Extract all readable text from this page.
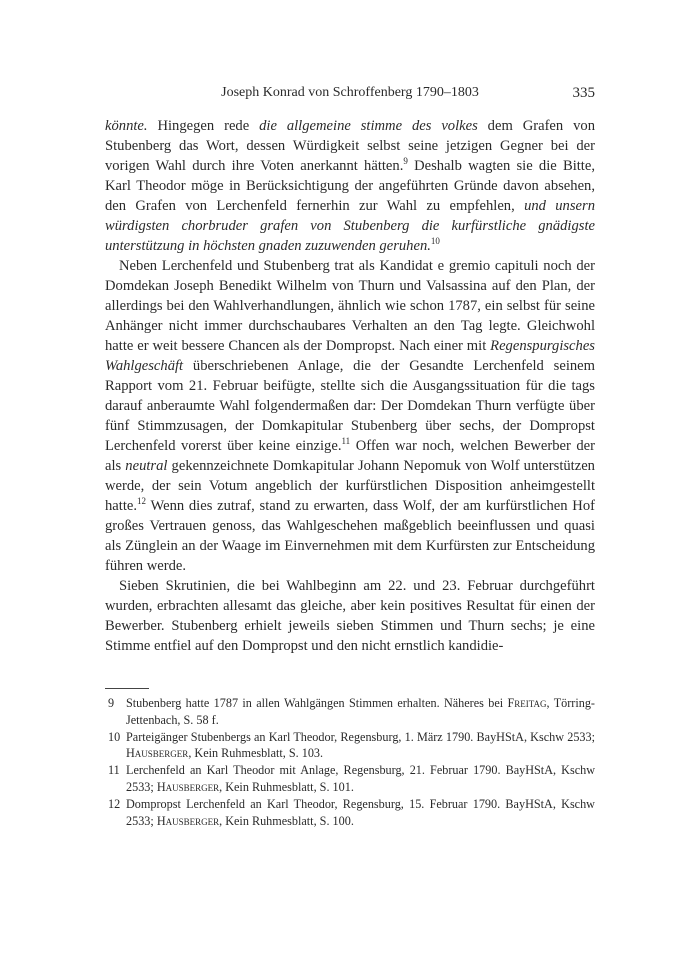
Joseph Konrad von Schroffenberg 1790–1803	335

könnte. Hingegen rede die allgemeine stimme des volkes dem Grafen von Stubenberg das Wort, dessen Würdigkeit selbst seine jetzigen Gegner bei der vorigen Wahl durch ihre Voten anerkannt hätten.$^9$ Deshalb wagten sie die Bitte, Karl Theodor möge in Berücksichtigung der angeführten Gründe davon absehen, den Grafen von Lerchenfeld fernerhin zur Wahl zu empfehlen, und unsern würdigsten chorbruder grafen von Stubenberg die kurfürstliche gnädigste unterstützung in höchsten gnaden zuzuwenden geruhen.$^{10}$

Neben Lerchenfeld und Stubenberg trat als Kandidat e gremio capituli noch der Domdekan Joseph Benedikt Wilhelm von Thurn und Valsassina auf den Plan, der allerdings bei den Wahlverhandlungen, ähnlich wie schon 1787, ein selbst für seine Anhänger nicht immer durchschaubares Verhalten an den Tag legte. Gleichwohl hatte er weit bessere Chancen als der Dompropst. Nach einer mit Regenspurgisches Wahlgeschäft überschriebenen Anlage, die der Gesandte Lerchenfeld seinem Rapport vom 21. Februar beifügte, stellte sich die Ausgangssituation für die tags darauf anberaumte Wahl folgendermaßen dar: Der Domdekan Thurn verfügte über fünf Stimmzusagen, der Domkapitular Stubenberg über sechs, der Dompropst Lerchenfeld vorerst über keine einzige.$^{11}$ Offen war noch, welchen Bewerber der als neutral gekennzeichnete Domkapitular Johann Nepomuk von Wolf unterstützen werde, der sein Votum angeblich der kurfürstlichen Disposition anheimgestellt hatte.$^{12}$ Wenn dies zutraf, stand zu erwarten, dass Wolf, der am kurfürstlichen Hof großes Vertrauen genoss, das Wahlgeschehen maßgeblich beeinflussen und quasi als Zünglein an der Waage im Einvernehmen mit dem Kurfürsten zur Entscheidung führen werde.

Sieben Skrutinien, die bei Wahlbeginn am 22. und 23. Februar durchgeführt wurden, erbrachten allesamt das gleiche, aber kein positives Resultat für einen der Bewerber. Stubenberg erhielt jeweils sieben Stimmen und Thurn sechs; je eine Stimme entfiel auf den Dompropst und den nicht ernstlich kandidie-

9 Stubenberg hatte 1787 in allen Wahlgängen Stimmen erhalten. Näheres bei Freitag, Törring-Jettenbach, S. 58 f.
10 Parteigänger Stubenbergs an Karl Theodor, Regensburg, 1. März 1790. BayHStA, Kschw 2533; Hausberger, Kein Ruhmesblatt, S. 103.
11 Lerchenfeld an Karl Theodor mit Anlage, Regensburg, 21. Februar 1790. BayHStA, Kschw 2533; Hausberger, Kein Ruhmesblatt, S. 101.
12 Dompropst Lerchenfeld an Karl Theodor, Regensburg, 15. Februar 1790. BayHStA, Kschw 2533; Hausberger, Kein Ruhmesblatt, S. 100.
